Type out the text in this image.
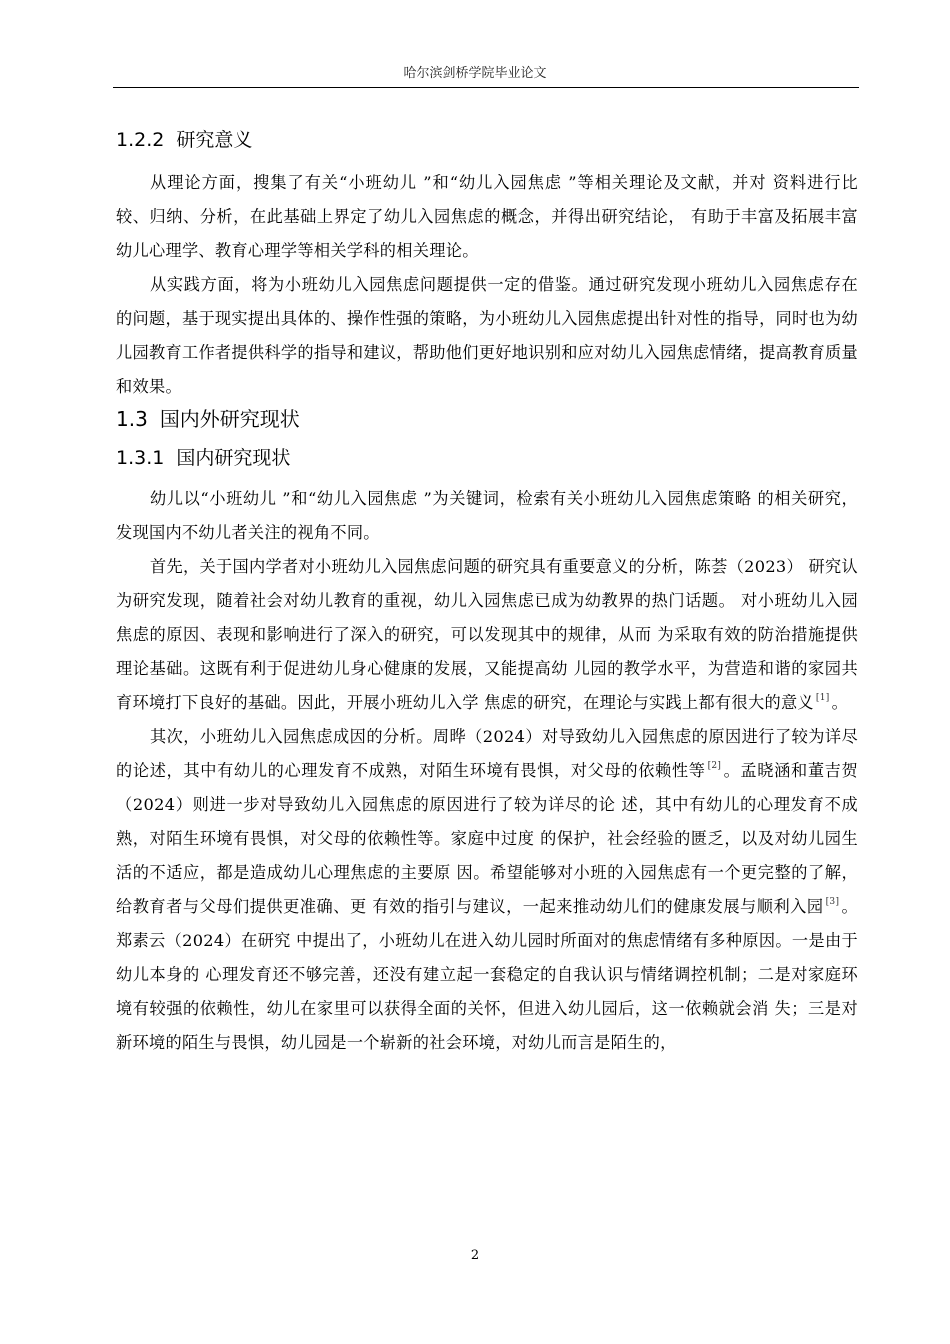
哈尔滨剑桥学院毕业论文
1.2.2 研究意义

从理论方面，搜集了有关“小班幼儿 ”和“幼儿入园焦虑 ”等相关理论及文献，并对 资料进行比较、归纳、分析，在此基础上界定了幼儿入园焦虑的概念，并得出研究结论， 有助于丰富及拓展丰富幼儿心理学、教育心理学等相关学科的相关理论。

从实践方面，将为小班幼儿入园焦虑问题提供一定的借鉴。通过研究发现小班幼儿入园焦虑存在的问题，基于现实提出具体的、操作性强的策略，为小班幼儿入园焦虑提出针对性的指导，同时也为幼儿园教育工作者提供科学的指导和建议，帮助他们更好地识别和应对幼儿入园焦虑情绪，提高教育质量和效果。

1.3 国内外研究现状
1.3.1 国内研究现状

幼儿以“小班幼儿 ”和“幼儿入园焦虑 ”为关键词，检索有关小班幼儿入园焦虑策略 的相关研究，发现国内不幼儿者关注的视角不同。

首先，关于国内学者对小班幼儿入园焦虑问题的研究具有重要意义的分析，陈荟（2023） 研究认为研究发现，随着社会对幼儿教育的重视，幼儿入园焦虑已成为幼教界的热门话题。 对小班幼儿入园焦虑的原因、表现和影响进行了深入的研究，可以发现其中的规律，从而 为采取有效的防治措施提供理论基础。这既有利于促进幼儿身心健康的发展，又能提高幼 儿园的教学水平，为营造和谐的家园共育环境打下良好的基础。因此，开展小班幼儿入学 焦虑的研究，在理论与实践上都有很大的意义 [1] 。

其次，小班幼儿入园焦虑成因的分析。周晔（2024）对导致幼儿入园焦虑的原因进行了较为详尽的论述，其中有幼儿的心理发育不成熟，对陌生环境有畏惧，对父母的依赖性等 [2] 。孟晓涵和董吉贺（2024）则进一步对导致幼儿入园焦虑的原因进行了较为详尽的论 述，其中有幼儿的心理发育不成熟，对陌生环境有畏惧，对父母的依赖性等。家庭中过度 的保护，社会经验的匮乏，以及对幼儿园生活的不适应，都是造成幼儿心理焦虑的主要原 因。希望能够对小班的入园焦虑有一个更完整的了解，给教育者与父母们提供更准确、更 有效的指引与建议，一起来推动幼儿们的健康发展与顺利入园 [3] 。郑素云（2024）在研究 中提出了，小班幼儿在进入幼儿园时所面对的焦虑情绪有多种原因。一是由于幼儿本身的 心理发育还不够完善，还没有建立起一套稳定的自我认识与情绪调控机制；二是对家庭环 境有较强的依赖性，幼儿在家里可以获得全面的关怀，但进入幼儿园后，这一依赖就会消 失；三是对新环境的陌生与畏惧，幼儿园是一个崭新的社会环境，对幼儿而言是陌生的，

2
